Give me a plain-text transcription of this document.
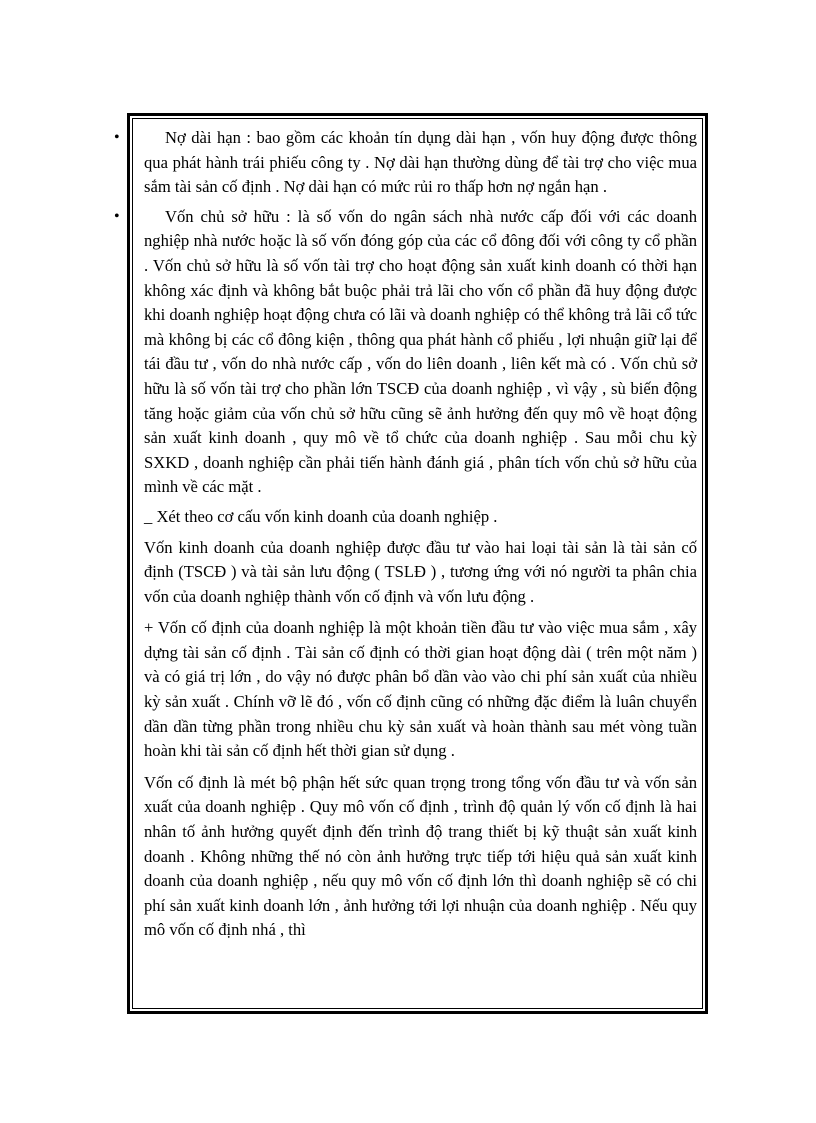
•	Nợ dài hạn : bao gồm các khoản tín dụng dài hạn , vốn huy động được thông qua phát hành trái phiếu công ty . Nợ dài hạn thường dùng để tài trợ cho việc mua sắm tài sản cố định . Nợ dài hạn có mức rủi ro thấp hơn nợ ngắn hạn .

•	Vốn chủ sở hữu : là số vốn do ngân sách nhà nước cấp đối với các doanh nghiệp nhà nước hoặc là số vốn đóng góp của các cổ đông đối với công ty cổ phần . Vốn chủ sở hữu là số vốn tài trợ cho hoạt động sản xuất kinh doanh có thời hạn không xác định và không bắt buộc phải trả lãi cho vốn cổ phần đã huy động được khi doanh nghiệp hoạt động chưa có lãi và doanh nghiệp có thể không trả lãi cổ tức mà không bị các cổ đông kiện , thông qua phát hành cổ phiếu , lợi nhuận giữ lại để tái đầu tư , vốn do nhà nước cấp , vốn do liên doanh , liên kết mà có . Vốn chủ sở hữu là số vốn tài trợ cho phần lớn TSCĐ của doanh nghiệp , vì vậy , sù biến động tăng hoặc giảm của vốn chủ sở hữu cũng sẽ ảnh hưởng đến quy mô về hoạt động sản xuất kinh doanh , quy mô về tổ chức của doanh nghiệp . Sau mỗi chu kỳ SXKD , doanh nghiệp cần phải tiến hành đánh giá , phân tích vốn chủ sở hữu của mình về các mặt .

_ Xét theo cơ cấu vốn kinh doanh của doanh nghiệp .

Vốn kinh doanh của doanh nghiệp được đầu tư vào hai loại tài sản là tài sản cố định (TSCĐ ) và tài sản lưu động ( TSLĐ ) , tương ứng với nó người ta phân chia vốn của doanh nghiệp thành vốn cố định và vốn lưu động .

+ Vốn cố định của doanh nghiệp là một khoản tiền đầu tư vào việc mua sắm , xây dựng tài sản cố định . Tài sản cố định có thời gian hoạt động dài ( trên một năm ) và có giá trị lớn , do vậy nó được phân bổ dần vào vào chi phí sản xuất của nhiều kỳ sản xuất . Chính vỡ lẽ đó , vốn cố định cũng có những đặc điểm là luân chuyển dần dần từng phần trong nhiều chu kỳ sản xuất và hoàn thành sau mét vòng tuần hoàn khi tài sản cố định hết thời gian sử dụng .

Vốn cố định là mét bộ phận hết sức quan trọng trong tổng vốn đầu tư và vốn sản xuất của doanh nghiệp . Quy mô vốn cố định , trình độ quản lý vốn cố định là hai nhân tố ảnh hưởng quyết định đến trình độ trang thiết bị kỹ thuật sản xuất kinh doanh . Không những thế nó còn ảnh hưởng trực tiếp tới hiệu quả sản xuất kinh doanh của doanh nghiệp , nếu quy mô vốn cố định lớn thì doanh nghiệp sẽ có chi phí sản xuất kinh doanh lớn , ảnh hưởng tới lợi nhuận của doanh nghiệp . Nếu quy mô vốn cố định nhá , thì
